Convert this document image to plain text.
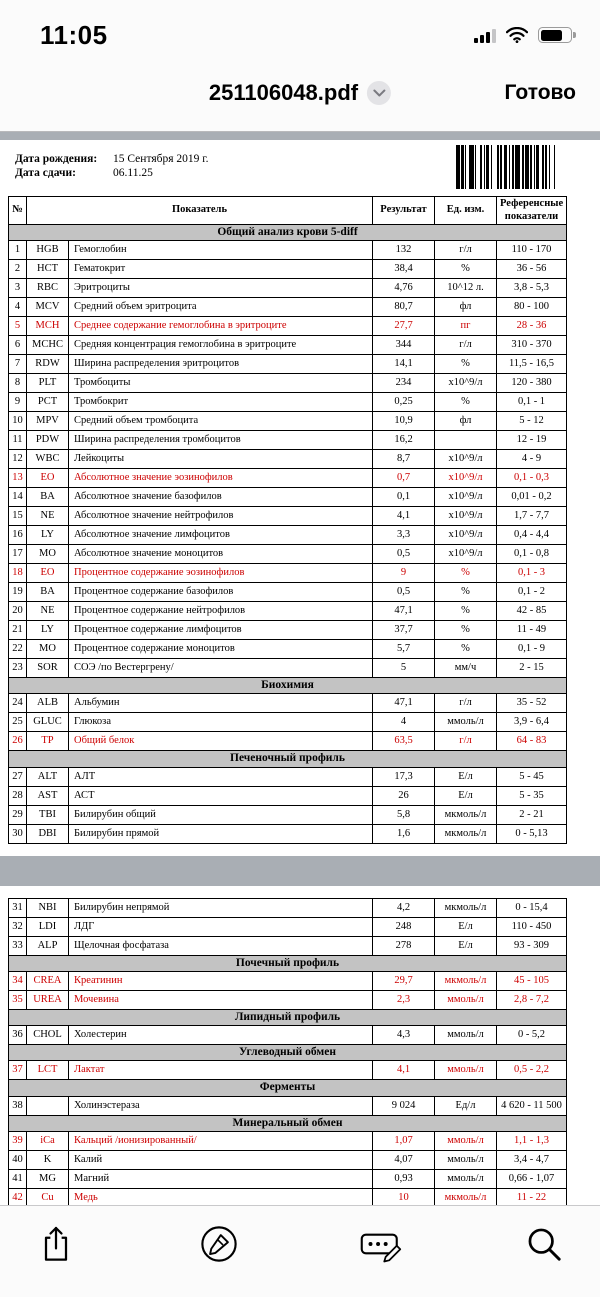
11:05
251106048.pdf	Готово
Дата рождения:	15 Сентября 2019 г.
Дата сдачи:	06.11.25
№	Показатель		Результат	Ед. изм.	Референсные показатели
Общий анализ крови 5-diff					
1	HGB	Гемоглобин	132	г/л	110 - 170
2	HCT	Гематокрит	38,4	%	36 - 56
3	RBC	Эритроциты	4,76	10^12 л.	3,8 - 5,3
4	MCV	Средний объем эритроцита	80,7	фл	80 - 100
5	MCH	Среднее содержание гемоглобина в эритроците	27,7	пг	28 - 36
6	MCHC	Средняя концентрация гемоглобина в эритроците	344	г/л	310 - 370
7	RDW	Ширина распределения эритроцитов	14,1	%	11,5 - 16,5
8	PLT	Тромбоциты	234	x10^9/л	120 - 380
9	PCT	Тромбокрит	0,25	%	0,1 - 1
10	MPV	Средний объем тромбоцита	10,9	фл	5 - 12
11	PDW	Ширина распределения тромбоцитов	16,2		12 - 19
12	WBC	Лейкоциты	8,7	x10^9/л	4 - 9
13	EO	Абсолютное значение эозинофилов	0,7	x10^9/л	0,1 - 0,3
14	BA	Абсолютное значение базофилов	0,1	x10^9/л	0,01 - 0,2
15	NE	Абсолютное значение нейтрофилов	4,1	x10^9/л	1,7 - 7,7
16	LY	Абсолютное значение лимфоцитов	3,3	x10^9/л	0,4 - 4,4
17	MO	Абсолютное значение моноцитов	0,5	x10^9/л	0,1 - 0,8
18	EO	Процентное содержание эозинофилов	9	%	0,1 - 3
19	BA	Процентное содержание базофилов	0,5	%	0,1 - 2
20	NE	Процентное содержание нейтрофилов	47,1	%	42 - 85
21	LY	Процентное содержание лимфоцитов	37,7	%	11 - 49
22	MO	Процентное содержание моноцитов	5,7	%	0,1 - 9
23	SOR	СОЭ /по Вестергрену/	5	мм/ч	2 - 15
Биохимия					
24	ALB	Альбумин	47,1	г/л	35 - 52
25	GLUC	Глюкоза	4	ммоль/л	3,9 - 6,4
26	TP	Общий белок	63,5	г/л	64 - 83
Печеночный профиль					
27	ALT	АЛТ	17,3	Е/л	5 - 45
28	AST	АСТ	26	Е/л	5 - 35
29	TBI	Билирубин общий	5,8	мкмоль/л	2 - 21
30	DBI	Билирубин прямой	1,6	мкмоль/л	0 - 5,13
31	NBI	Билирубин непрямой	4,2	мкмоль/л	0 - 15,4
32	LDI	ЛДГ	248	Е/л	110 - 450
33	ALP	Щелочная фосфатаза	278	Е/л	93 - 309
Почечный профиль					
34	CREA	Креатинин	29,7	мкмоль/л	45 - 105
35	UREA	Мочевина	2,3	ммоль/л	2,8 - 7,2
Липидный профиль					
36	CHOL	Холестерин	4,3	ммоль/л	0 - 5,2
Углеводный обмен					
37	LCT	Лактат	4,1	ммоль/л	0,5 - 2,2
Ферменты					
38		Холинэстераза	9 024	Ед/л	4 620 - 11 500
Минеральный обмен					
39	iCa	Кальций /ионизированный/	1,07	ммоль/л	1,1 - 1,3
40	K	Калий	4,07	ммоль/л	3,4 - 4,7
41	MG	Магний	0,93	ммоль/л	0,66 - 1,07
42	Cu	Медь	10	мкмоль/л	11 - 22
